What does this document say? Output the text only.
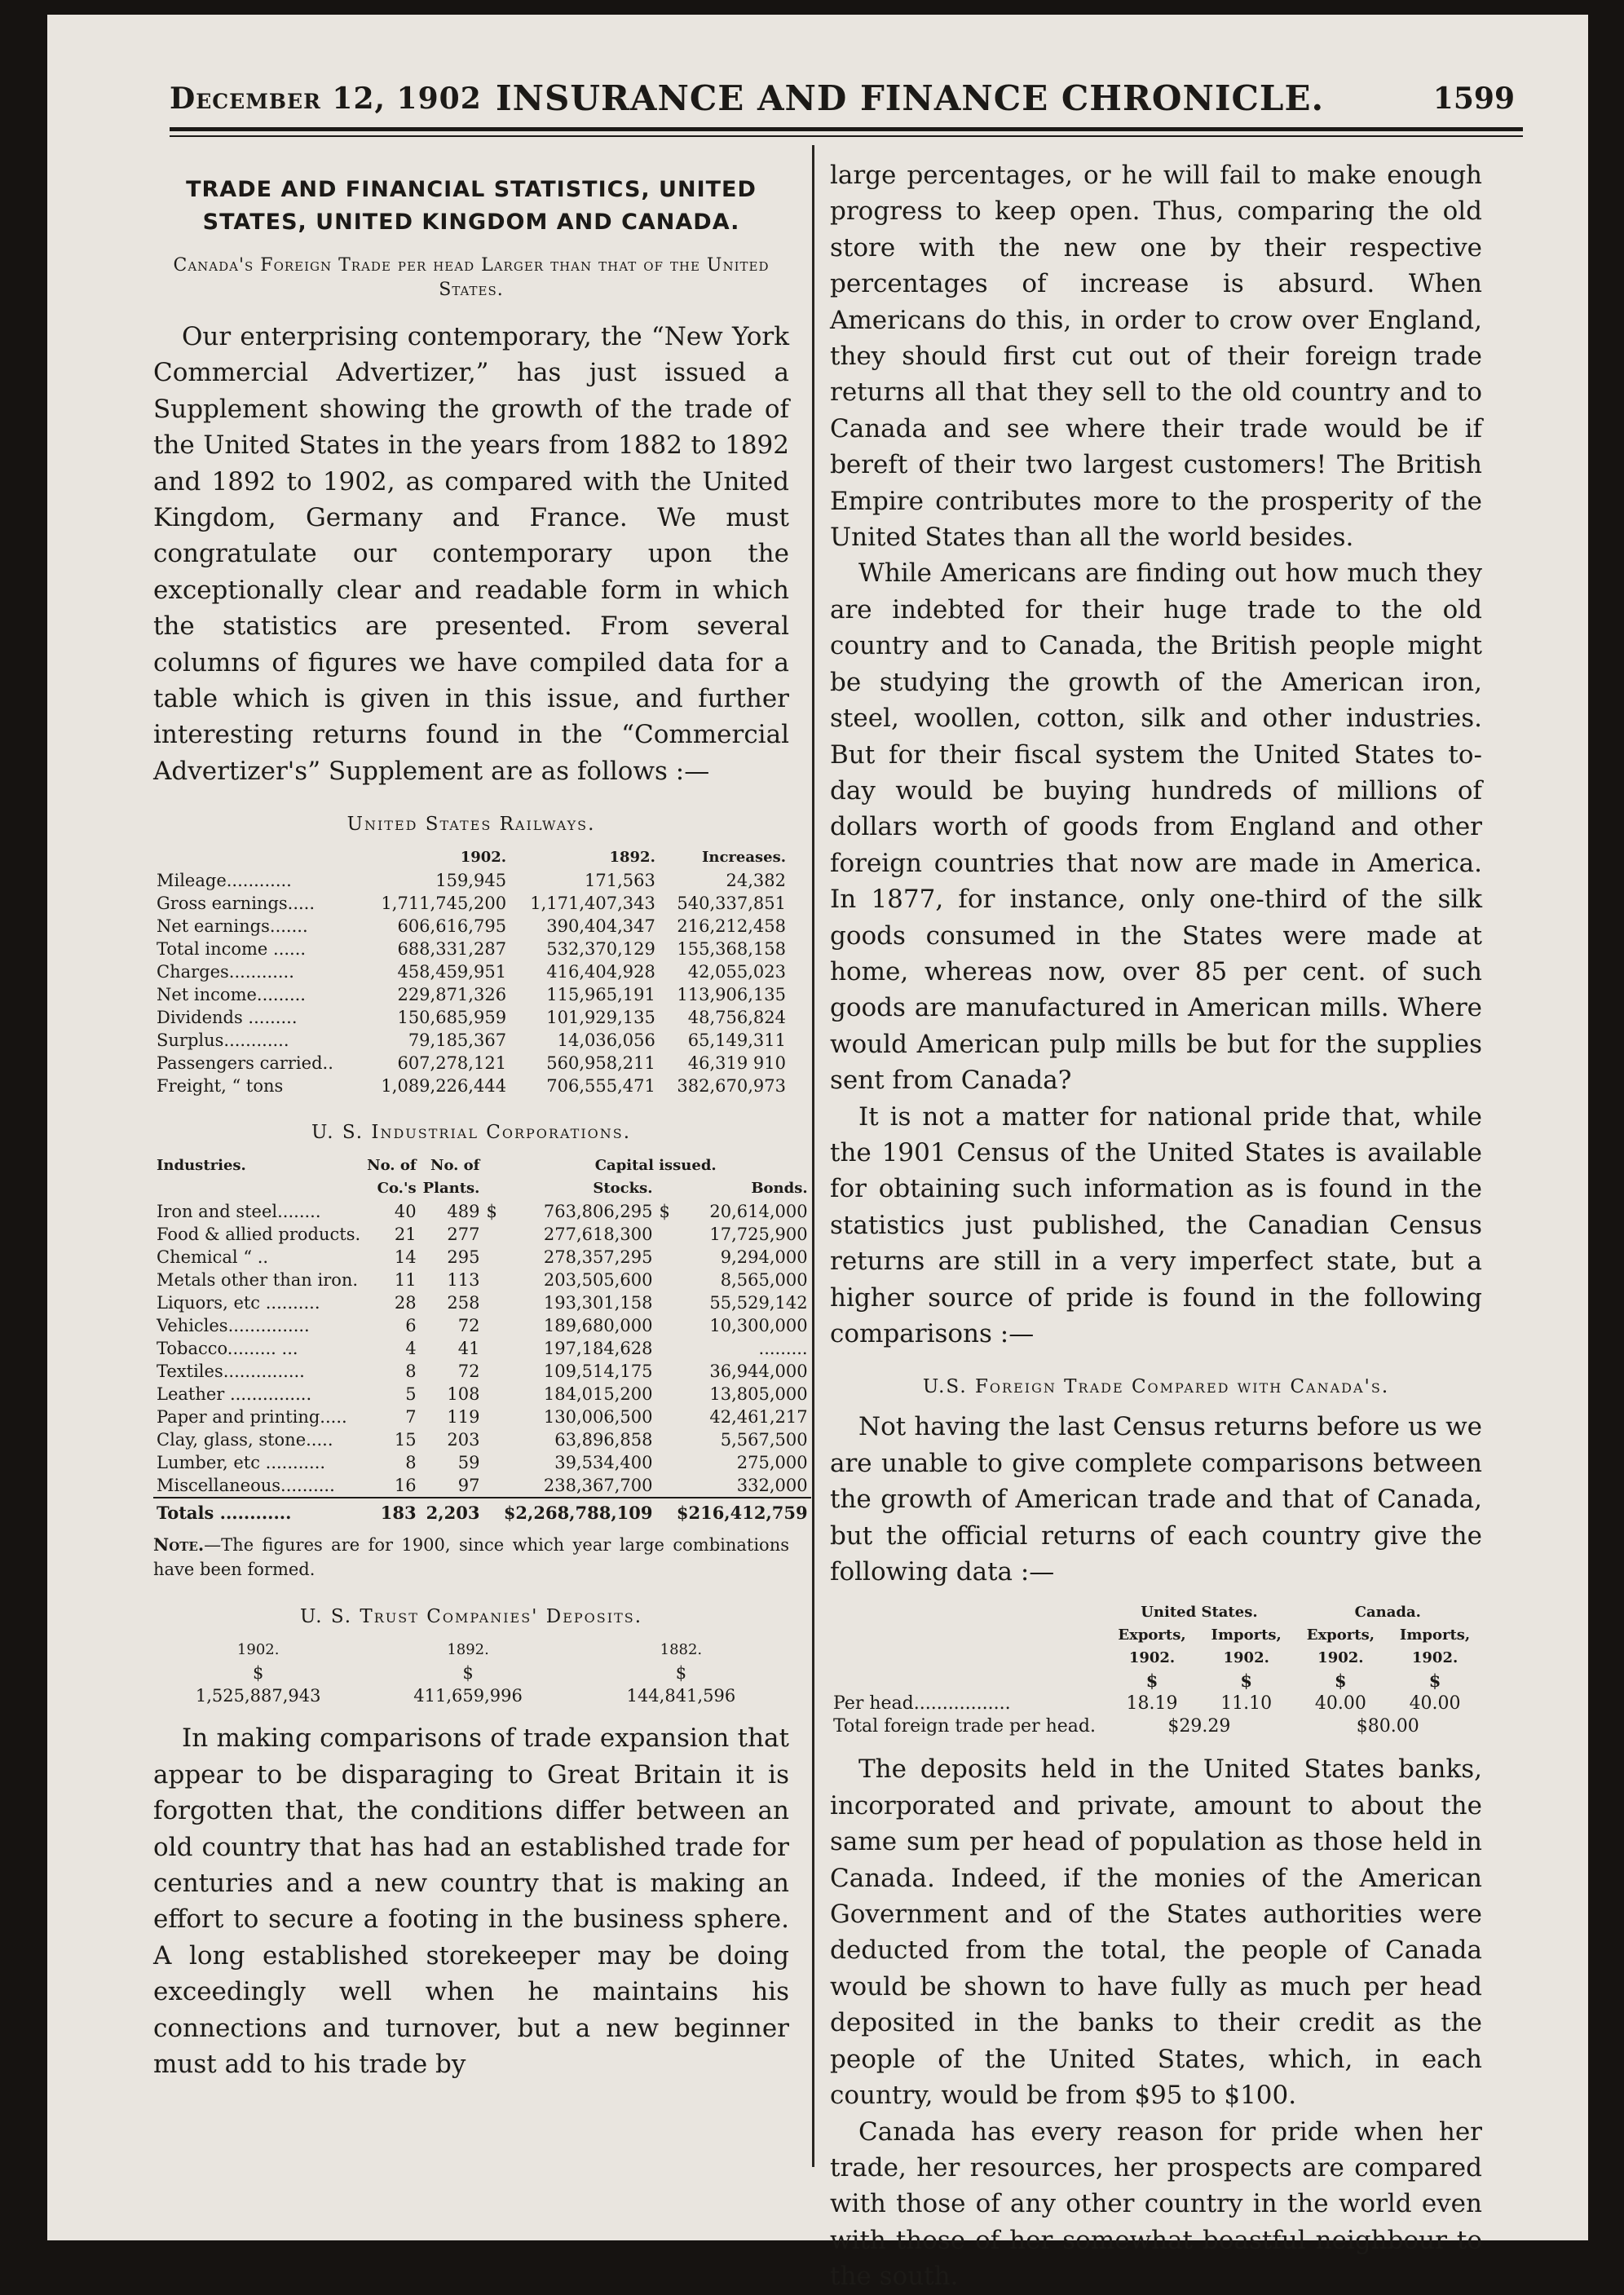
December 12, 1902 INSURANCE AND FINANCE CHRONICLE.	1599
TRADE AND FINANCIAL STATISTICS, UNITED STATES, UNITED KINGDOM AND CANADA.
Canada's Foreign Trade per head Larger than that of the United States.

Our enterprising contemporary, the “New York Commercial Advertizer,” has just issued a Supplement showing the growth of the trade of the United States in the years from 1882 to 1892 and 1892 to 1902, as compared with the United Kingdom, Germany and France. We must congratulate our contemporary upon the exceptionally clear and readable form in which the statistics are presented. From several columns of figures we have compiled data for a table which is given in this issue, and further interesting returns found in the “Commercial Advertizer's” Supplement are as follows :—

United States Railways.
	1902.	1892.	Increases.
Mileage............	159,945	171,563	24,382
Gross earnings.....	1,711,745,200	1,171,407,343	540,337,851
Net earnings.......	606,616,795	390,404,347	216,212,458
Total income ......	688,331,287	532,370,129	155,368,158
Charges............	458,459,951	416,404,928	42,055,023
Net income.........	229,871,326	115,965,191	113,906,135
Dividends .........	150,685,959	101,929,135	48,756,824
Surplus............	79,185,367	14,036,056	65,149,311
Passengers carried..	607,278,121	560,958,211	46,319 910
Freight, “ tons	1,089,226,444	706,555,471	382,670,973
U. S. Industrial Corporations.
Industries.	No. of	No. of		Capital issued.		
	Co.'s	Plants.		Stocks.		Bonds.
Iron and steel........	40	489	$	763,806,295	$	20,614,000
Food & allied products.	21	277		277,618,300		17,725,900
Chemical “ ..	14	295		278,357,295		9,294,000
Metals other than iron.	11	113		203,505,600		8,565,000
Liquors, etc ..........	28	258		193,301,158		55,529,142
Vehicles...............	6	72		189,680,000		10,300,000
Tobacco......... ...	4	41		197,184,628		.........
Textiles...............	8	72		109,514,175		36,944,000
Leather ...............	5	108		184,015,200		13,805,000
Paper and printing.....	7	119		130,006,500		42,461,217
Clay, glass, stone.....	15	203		63,896,858		5,567,500
Lumber, etc ...........	8	59		39,534,400		275,000
Miscellaneous..........	16	97		238,367,700		332,000
Totals ............	183	2,203		$2,268,788,109		$216,412,759
Note.—The figures are for 1900, since which year large combinations have been formed.
U. S. Trust Companies' Deposits.
1902.	1892.	1882.
$	$	$
1,525,887,943	411,659,996	144,841,596

In making comparisons of trade expansion that appear to be disparaging to Great Britain it is forgotten that, the conditions differ between an old country that has had an established trade for centuries and a new country that is making an effort to secure a footing in the business sphere. A long established storekeeper may be doing exceedingly well when he maintains his connections and turnover, but a new beginner must add to his trade by

large percentages, or he will fail to make enough progress to keep open. Thus, comparing the old store with the new one by their respective percentages of increase is absurd. When Americans do this, in order to crow over England, they should first cut out of their foreign trade returns all that they sell to the old country and to Canada and see where their trade would be if bereft of their two largest customers! The British Empire contributes more to the prosperity of the United States than all the world besides.

While Americans are finding out how much they are indebted for their huge trade to the old country and to Canada, the British people might be studying the growth of the American iron, steel, woollen, cotton, silk and other industries. But for their fiscal system the United States to-day would be buying hundreds of millions of dollars worth of goods from England and other foreign countries that now are made in America. In 1877, for instance, only one-third of the silk goods consumed in the States were made at home, whereas now, over 85 per cent. of such goods are manufactured in American mills. Where would American pulp mills be but for the supplies sent from Canada?

It is not a matter for national pride that, while the 1901 Census of the United States is available for obtaining such information as is found in the statistics just published, the Canadian Census returns are still in a very imperfect state, but a higher source of pride is found in the following comparisons :—

U.S. Foreign Trade Compared with Canada's.

Not having the last Census returns before us we are unable to give complete comparisons between the growth of American trade and that of Canada, but the official returns of each country give the following data :—

	United States.		Canada.	
	Exports, 1902.	Imports, 1902.	Exports, 1902.	Imports, 1902.
	$	$	$	$
Per head.................	18.19	11.10	40.00	40.00
Total foreign trade per head.	$29.29		$80.00	

The deposits held in the United States banks, incorporated and private, amount to about the same sum per head of population as those held in Canada. Indeed, if the monies of the American Government and of the States authorities were deducted from the total, the people of Canada would be shown to have fully as much per head deposited in the banks to their credit as the people of the United States, which, in each country, would be from $95 to $100.

Canada has every reason for pride when her trade, her resources, her prospects are compared with those of any other country in the world even with those of her somewhat boastful neighbour to the south.
